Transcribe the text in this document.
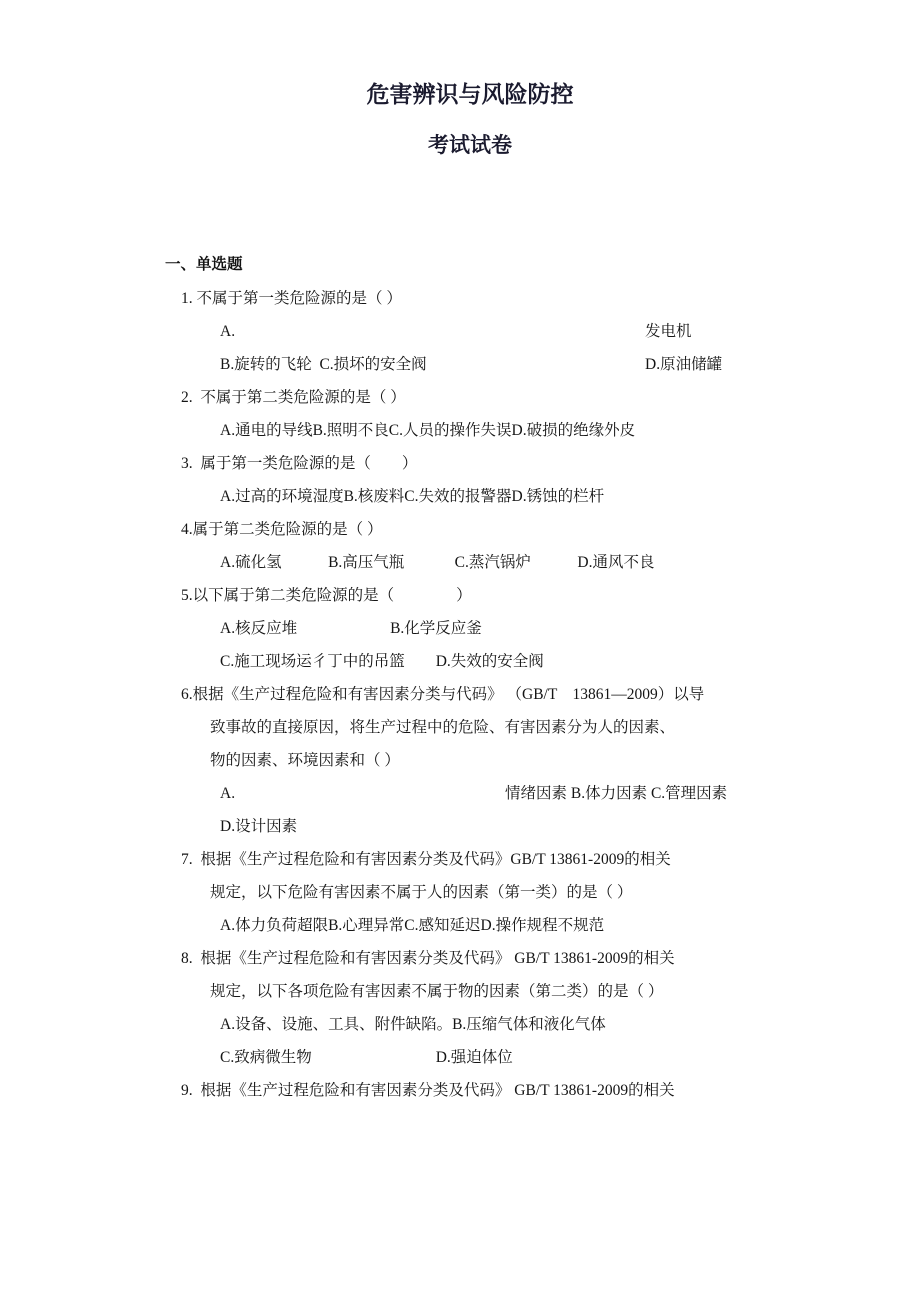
危害辨识与风险防控
考试试卷
一、单选题
1. 不属于第一类危险源的是（ ）
A.	发电机
B.旋转的飞轮  C.损坏的安全阀	D.原油储罐
2.  不属于第二类危险源的是（ ）
A.通电的导线B.照明不良C.人员的操作失误D.破损的绝缘外皮
3.  属于第一类危险源的是（　　）
A.过高的环境湿度B.核废料C.失效的报警器D.锈蚀的栏杆
4.属于第二类危险源的是（ ）
A.硫化氢　　　B.高压气瓶　　　 C.蒸汽锅炉　　　D.通风不良
5.以下属于第二类危险源的是（　　　　）
A.核反应堆　　　　　　B.化学反应釜
C.施工现场运彳丁中的吊篮　　D.失效的安全阀
6.根据《生产过程危险和有害因素分类与代码》 （GB/T　13861—2009）以导
致事故的直接原因，将生产过程中的危险、有害因素分为人的因素、
物的因素、环境因素和（ ）
A.	情绪因素 B.体力因素 C.管理因素
D.设计因素
7.  根据《生产过程危险和有害因素分类及代码》GB/T 13861-2009的相关
规定，以下危险有害因素不属于人的因素（第一类）的是（ ）
A.体力负荷超限B.心理异常C.感知延迟D.操作规程不规范
8.  根据《生产过程危险和有害因素分类及代码》 GB/T 13861-2009的相关
规定，以下各项危险有害因素不属于物的因素（第二类）的是（ ）
A.设备、设施、工具、附件缺陷。B.压缩气体和液化气体
C.致病微生物　　　　　　　　D.强迫体位
9.  根据《生产过程危险和有害因素分类及代码》 GB/T 13861-2009的相关
